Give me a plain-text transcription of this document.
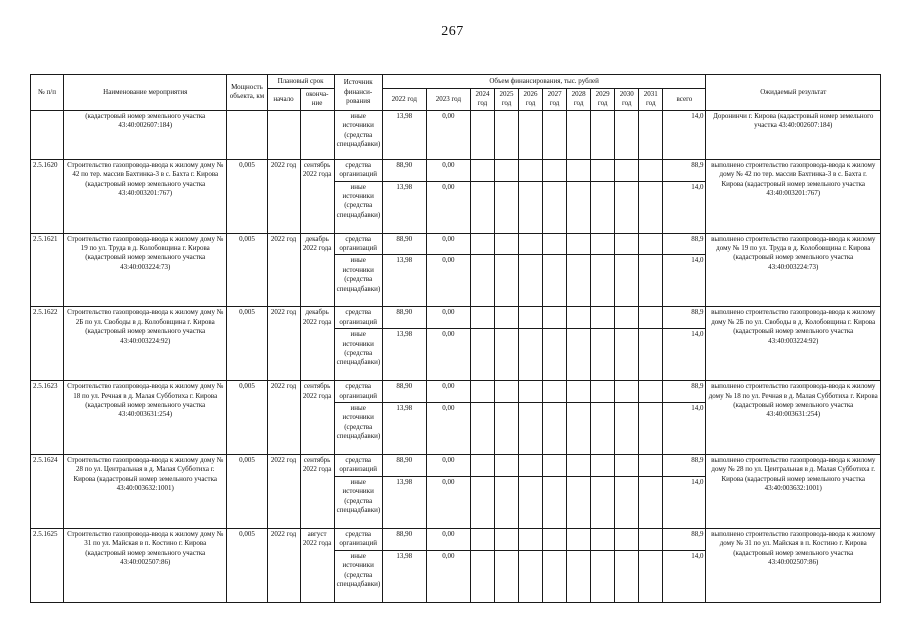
267
№ п/п	Наименование мероприятия	Мощность объекта, км	Плановый срок		Источник финанси-рования	Объем финансирования, тыс. рублей											Ожидаемый результат
			начало	оконча-ние		2022 год	2023 год	2024 год	2025 год	2026 год	2027 год	2028 год	2029 год	2030 год	2031 год	всего	
	(кадастровый номер земельного участка 43:40:002607:184)				иные источники (средства спецнадбавки)	13,98	0,00									14,0	Доронинчи г. Кирова (кадастровый номер земельного участка 43:40:002607:184)
2.5.1620	Строительство газопровода-ввода к жилому дому № 42 по тер. массив Бахтинка-3 в с. Бахта г. Кирова (кадастровый номер земельного участка 43:40:003201:767)	0,005	2022 год	сентябрь 2022 года	средства организаций	88,90	0,00									88,9	выполнено строительство газопровода-ввода к жилому дому № 42 по тер. массив Бахтинка-3 в с. Бахта г. Кирова (кадастровый номер земельного участка 43:40:003201:767)
					иные источники (средства спецнадбавки)	13,98	0,00									14,0	
2.5.1621	Строительство газопровода-ввода к жилому дому № 19 по ул. Труда в д. Колобовщина г. Кирова (кадастровый номер земельного участка 43:40:003224:73)	0,005	2022 год	декабрь 2022 года	средства организаций	88,90	0,00									88,9	выполнено строительство газопровода-ввода к жилому дому № 19 по ул. Труда в д. Колобовщина г. Кирова (кадастровый номер земельного участка 43:40:003224:73)
					иные источники (средства спецнадбавки)	13,98	0,00									14,0	
2.5.1622	Строительство газопровода-ввода к жилому дому № 2Б по ул. Свободы в д. Колобовщина г. Кирова (кадастровый номер земельного участка 43:40:003224:92)	0,005	2022 год	декабрь 2022 года	средства организаций	88,90	0,00									88,9	выполнено строительство газопровода-ввода к жилому дому № 2Б по ул. Свободы в д. Колобовщина г. Кирова (кадастровый номер земельного участка 43:40:003224:92)
					иные источники (средства спецнадбавки)	13,98	0,00									14,0	
2.5.1623	Строительство газопровода-ввода к жилому дому № 18 по ул. Речная в д. Малая Субботиха г. Кирова (кадастровый номер земельного участка 43:40:003631:254)	0,005	2022 год	сентябрь 2022 года	средства организаций	88,90	0,00									88,9	выполнено строительство газопровода-ввода к жилому дому № 18 по ул. Речная в д. Малая Субботиха г. Кирова (кадастровый номер земельного участка 43:40:003631:254)
					иные источники (средства спецнадбавки)	13,98	0,00									14,0	
2.5.1624	Строительство газопровода-ввода к жилому дому № 28 по ул. Центральная в д. Малая Субботиха г. Кирова (кадастровый номер земельного участка 43:40:003632:1001)	0,005	2022 год	сентябрь 2022 года	средства организаций	88,90	0,00									88,9	выполнено строительство газопровода-ввода к жилому дому № 28 по ул. Центральная в д. Малая Субботиха г. Кирова (кадастровый номер земельного участка 43:40:003632:1001)
					иные источники (средства спецнадбавки)	13,98	0,00									14,0	
2.5.1625	Строительство газопровода-ввода к жилому дому № 31 по ул. Майская в п. Костино г. Кирова (кадастровый номер земельного участка 43:40:002507:86)	0,005	2022 год	август 2022 года	средства организаций	88,90	0,00									88,9	выполнено строительство газопровода-ввода к жилому дому № 31 по ул. Майская в п. Костино г. Кирова (кадастровый номер земельного участка 43:40:002507:86)
					иные источники (средства спецнадбавки)	13,98	0,00									14,0	
